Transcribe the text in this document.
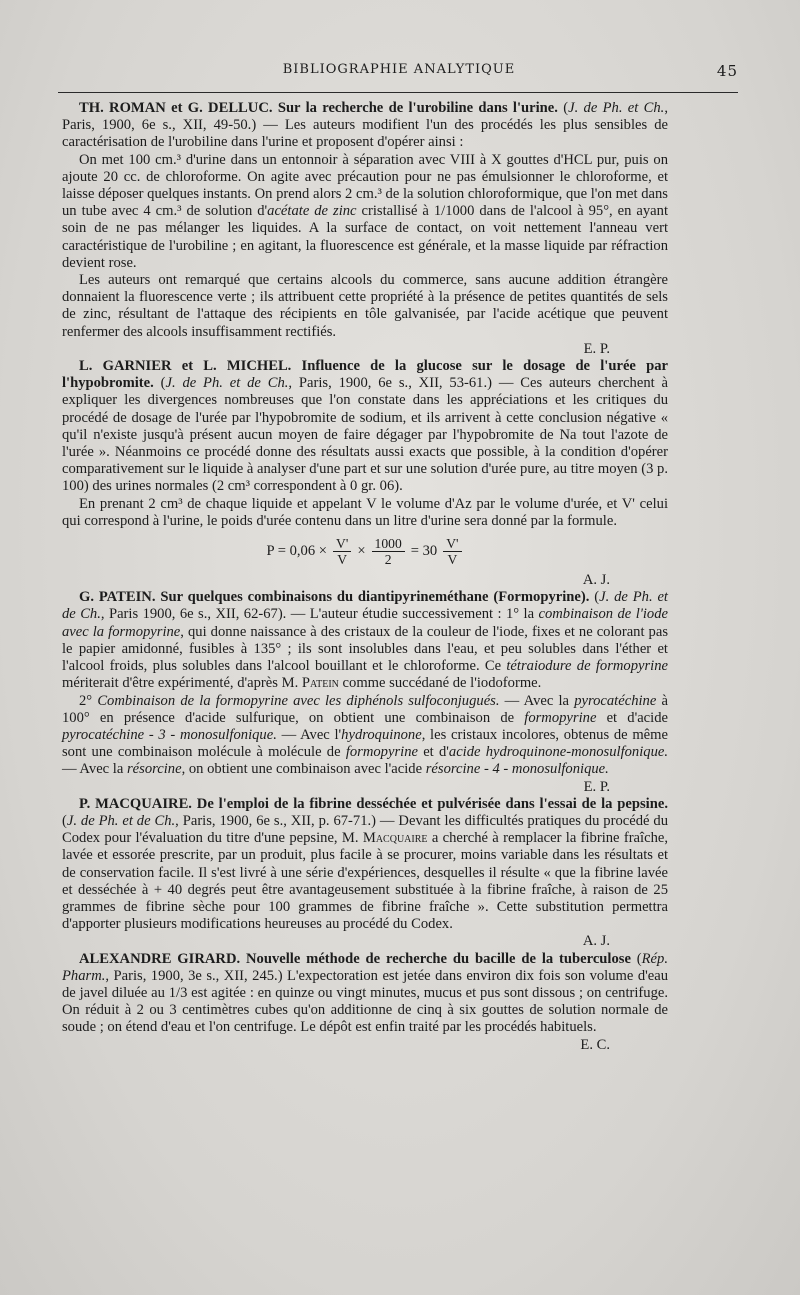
BIBLIOGRAPHIE ANALYTIQUE	45

TH. ROMAN et G. DELLUC. Sur la recherche de l'urobiline dans l'urine. (J. de Ph. et Ch., Paris, 1900, 6e s., XII, 49-50.) — Les auteurs modifient l'un des procédés les plus sensibles de caractérisation de l'urobiline dans l'urine et proposent d'opérer ainsi :

On met 100 cm.³ d'urine dans un entonnoir à séparation avec VIII à X gouttes d'HCL pur, puis on ajoute 20 cc. de chloroforme. On agite avec précaution pour ne pas émulsionner le chloroforme, et laisse déposer quelques instants. On prend alors 2 cm.³ de la solution chloroformique, que l'on met dans un tube avec 4 cm.³ de solution d'acétate de zinc cristallisé à 1/1000 dans de l'alcool à 95°, en ayant soin de ne pas mélanger les liquides. A la surface de contact, on voit nettement l'anneau vert caractéristique de l'urobiline ; en agitant, la fluorescence est générale, et la masse liquide par réfraction devient rose.

Les auteurs ont remarqué que certains alcools du commerce, sans aucune addition étrangère donnaient la fluorescence verte ; ils attribuent cette propriété à la présence de petites quantités de sels de zinc, résultant de l'attaque des récipients en tôle galvanisée, par l'acide acétique que peuvent renfermer des alcools insuffisamment rectifiés.

E. P.

L. GARNIER et L. MICHEL. Influence de la glucose sur le dosage de l'urée par l'hypobromite. (J. de Ph. et de Ch., Paris, 1900, 6e s., XII, 53-61.) — Ces auteurs cherchent à expliquer les divergences nombreuses que l'on constate dans les appréciations et les critiques du procédé de dosage de l'urée par l'hypobromite de sodium, et ils arrivent à cette conclusion négative « qu'il n'existe jusqu'à présent aucun moyen de faire dégager par l'hypobromite de Na tout l'azote de l'urée ». Néanmoins ce procédé donne des résultats aussi exacts que possible, à la condition d'opérer comparativement sur le liquide à analyser d'une part et sur une solution d'urée pure, au titre moyen (3 p. 100) des urines normales (2 cm³ correspondent à 0 gr. 06).

En prenant 2 cm³ de chaque liquide et appelant V le volume d'Az par le volume d'urée, et V' celui qui correspond à l'urine, le poids d'urée contenu dans un litre d'urine sera donné par la formule.

$P = 0,06 \times \frac{V'}{V} \times \frac{1000}{2} = 30 \frac{V'}{V}$

A. J.

G. PATEIN. Sur quelques combinaisons du diantipyrineméthane (Formopyrine). (J. de Ph. et de Ch., Paris 1900, 6e s., XII, 62-67). — L'auteur étudie successivement : 1° la combinaison de l'iode avec la formopyrine, qui donne naissance à des cristaux de la couleur de l'iode, fixes et ne colorant pas le papier amidonné, fusibles à 135° ; ils sont insolubles dans l'eau, et peu solubles dans l'éther et l'alcool froids, plus solubles dans l'alcool bouillant et le chloroforme. Ce tétraiodure de formopyrine mériterait d'être expérimenté, d'après M. Patein comme succédané de l'iodoforme.

2° Combinaison de la formopyrine avec les diphénols sulfoconjugués. — Avec la pyrocatéchine à 100° en présence d'acide sulfurique, on obtient une combinaison de formopyrine et d'acide pyrocatéchine - 3 - monosulfonique. — Avec l'hydroquinone, les cristaux incolores, obtenus de même sont une combinaison molécule à molécule de formopyrine et d'acide hydroquinone-monosulfonique. — Avec la résorcine, on obtient une combinaison avec l'acide résorcine - 4 - monosulfonique.

E. P.

P. MACQUAIRE. De l'emploi de la fibrine desséchée et pulvérisée dans l'essai de la pepsine. (J. de Ph. et de Ch., Paris, 1900, 6e s., XII, p. 67-71.) — Devant les difficultés pratiques du procédé du Codex pour l'évaluation du titre d'une pepsine, M. Macquaire a cherché à remplacer la fibrine fraîche, lavée et essorée prescrite, par un produit, plus facile à se procurer, moins variable dans les résultats et de conservation facile. Il s'est livré à une série d'expériences, desquelles il résulte « que la fibrine lavée et desséchée à + 40 degrés peut être avantageusement substituée à la fibrine fraîche, à raison de 25 grammes de fibrine sèche pour 100 grammes de fibrine fraîche ». Cette substitution permettra d'apporter plusieurs modifications heureuses au procédé du Codex.

A. J.

ALEXANDRE GIRARD. Nouvelle méthode de recherche du bacille de la tuberculose (Rép. Pharm., Paris, 1900, 3e s., XII, 245.) L'expectoration est jetée dans environ dix fois son volume d'eau de javel diluée au 1/3 est agitée : en quinze ou vingt minutes, mucus et pus sont dissous ; on centrifuge. On réduit à 2 ou 3 centimètres cubes qu'on additionne de cinq à six gouttes de solution normale de soude ; on étend d'eau et l'on centrifuge. Le dépôt est enfin traité par les procédés habituels.

E. C.
